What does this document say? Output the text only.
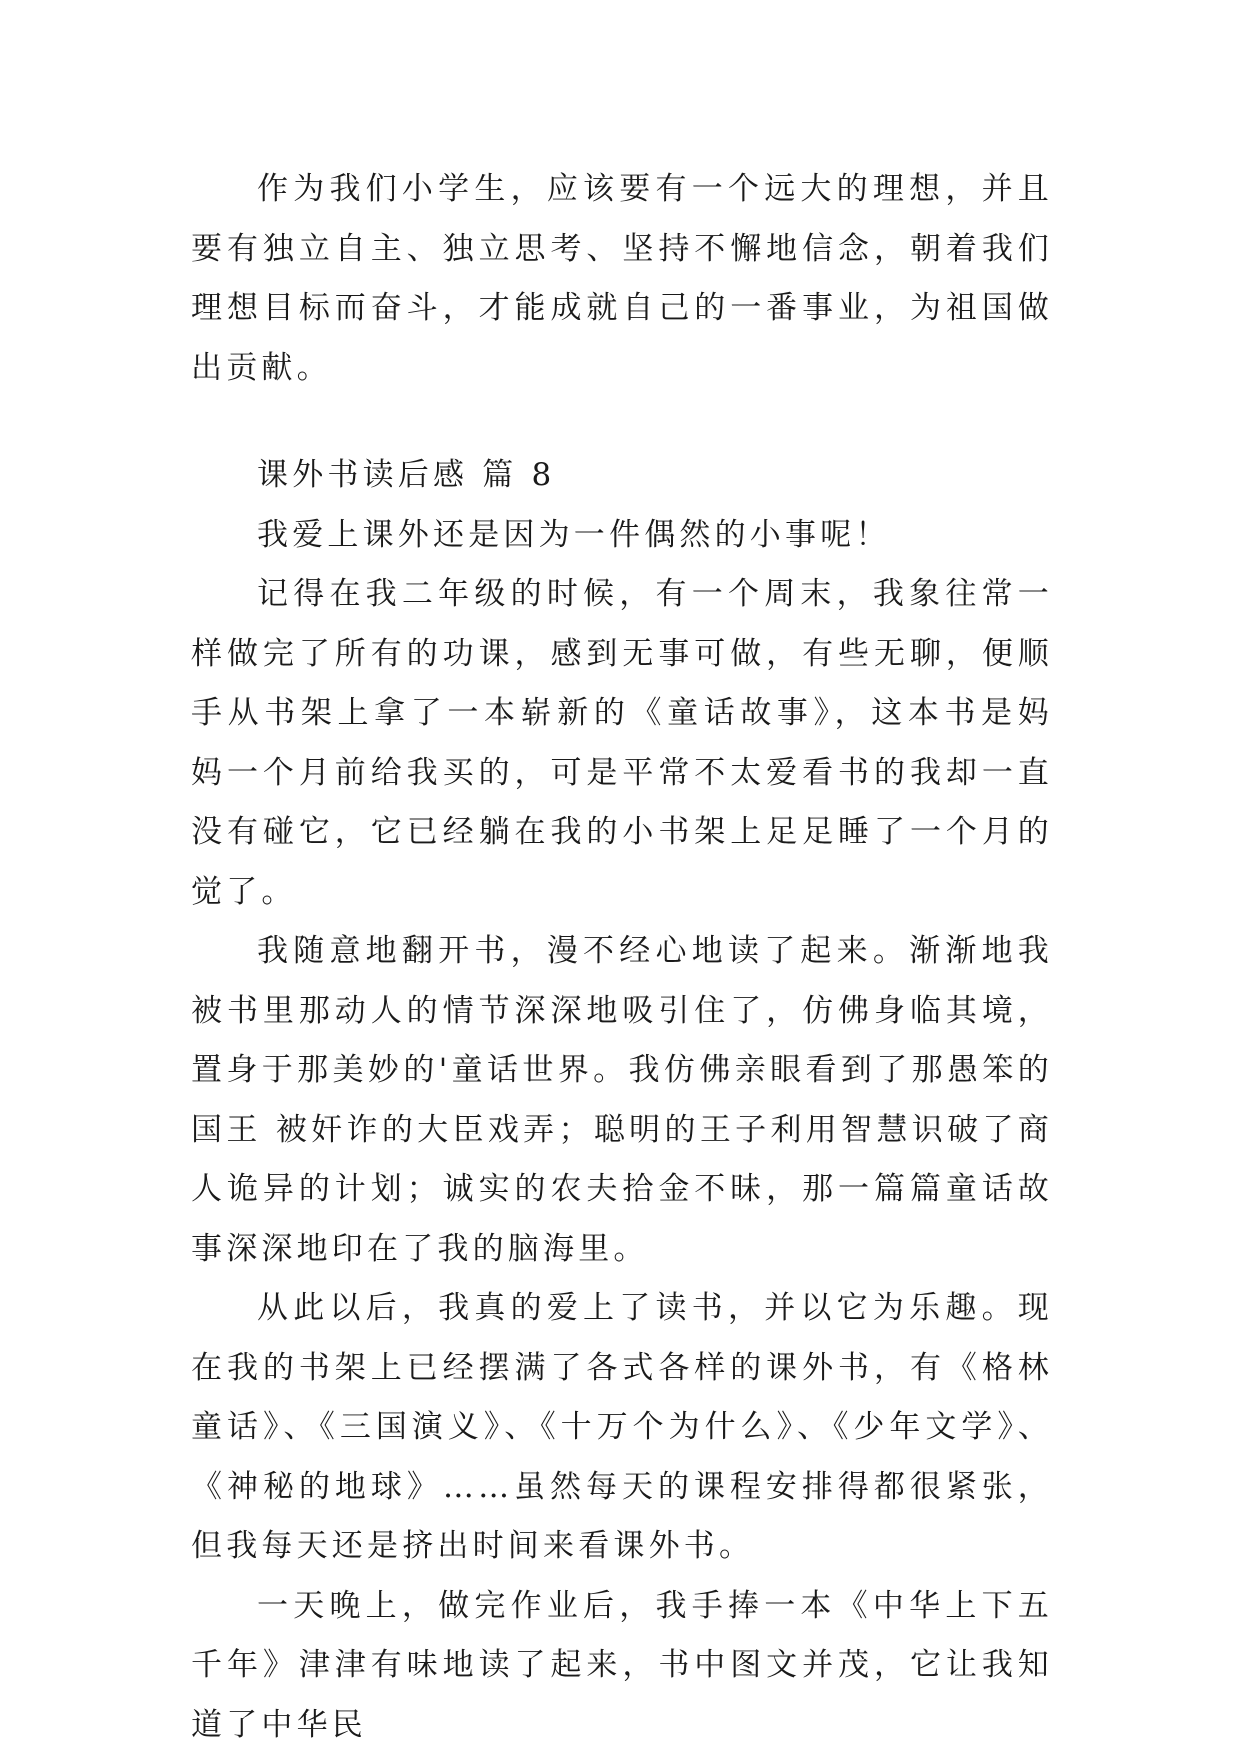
作为我们小学生，应该要有一个远大的理想，并且要有独立自主、独立思考、坚持不懈地信念，朝着我们理想目标而奋斗，才能成就自己的一番事业，为祖国做出贡献。

课外书读后感 篇 8

我爱上课外还是因为一件偶然的小事呢！

记得在我二年级的时候，有一个周末，我象往常一样做完了所有的功课，感到无事可做，有些无聊，便顺手从书架上拿了一本崭新的《童话故事》，这本书是妈妈一个月前给我买的，可是平常不太爱看书的我却一直没有碰它，它已经躺在我的小书架上足足睡了一个月的觉了。

我随意地翻开书，漫不经心地读了起来。渐渐地我被书里那动人的情节深深地吸引住了，仿佛身临其境，置身于那美妙的'童话世界。我仿佛亲眼看到了那愚笨的国王 被奸诈的大臣戏弄；聪明的王子利用智慧识破了商人诡异的计划；诚实的农夫拾金不昧，那一篇篇童话故事深深地印在了我的脑海里。

从此以后，我真的爱上了读书，并以它为乐趣。现在我的书架上已经摆满了各式各样的课外书，有《格林童话》、《三国演义》、《十万个为什么》、《少年文学》、《神秘的地球》……虽然每天的课程安排得都很紧张，但我每天还是挤出时间来看课外书。

一天晚上，做完作业后，我手捧一本《中华上下五千年》津津有味地读了起来，书中图文并茂，它让我知道了中华民
